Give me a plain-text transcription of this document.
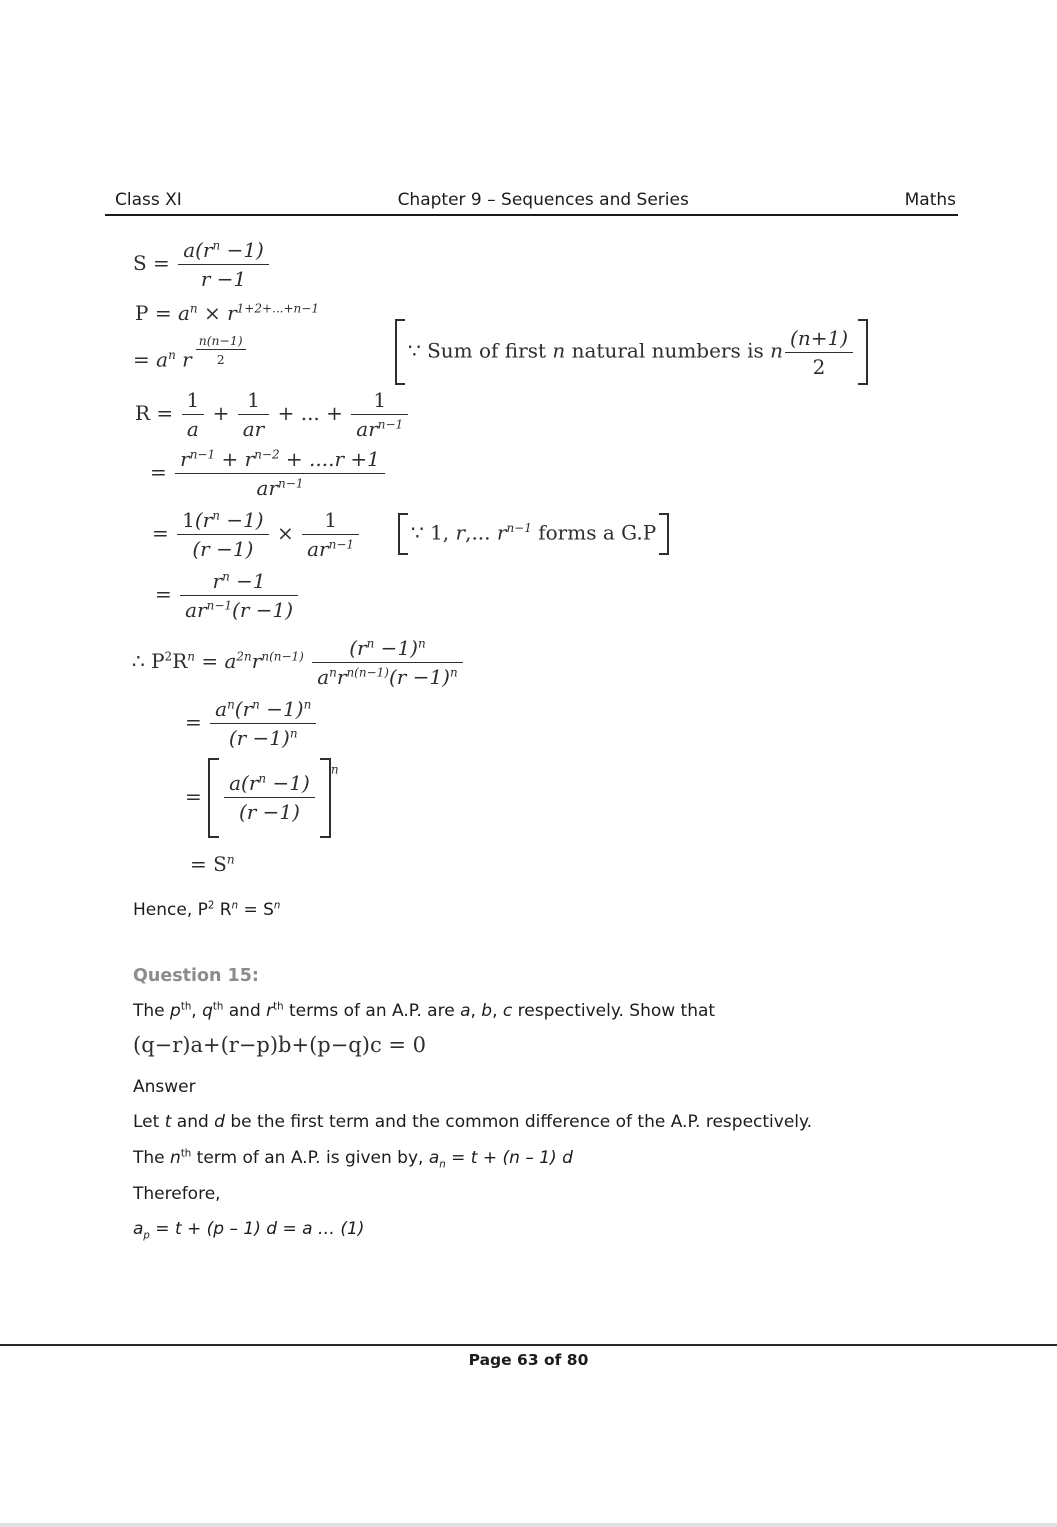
Class XI	Chapter 9 – Sequences and Series	Maths
$S = \frac{a(r^n -1)}{r -1}$
$P = a^n \times r^{1+2+...+n-1}$
= $a^n$ r $\frac{n(n-1)}{2}$	∵ Sum of first n natural numbers is n $\frac{(n+1)}{2}$
$R = \frac{1}{a} + \frac{1}{ar}$ + ... + $\frac{1}{ar^{n-1}}$
= $\frac{r^{n-1} + r^{n-2} + ....r +1}{ar^{n-1}}$
= $\frac{1(r^n -1)}{(r -1)} \times \frac{1}{ar^{n-1}}$	∵ 1, r,... $r^{n-1}$ forms a G.P
= $\frac{r^n -1}{ar^{n-1}(r -1)}$
∴ $P^2R^n = a^{2n}r^{n(n-1)} \frac{(r^n -1)^n}{a^nr^{n(n-1)}(r -1)^n}$
= $\frac{a^n(r^n -1)^n}{(r -1)^n}$
= $\frac{a(r^n -1)}{(r -1)}$
$^n$
= $S^n$

Hence, $P^2$ $R^n = S^n$

Question 15:

The $p^{th}$, $q^{th}$ and $r^{th}$ terms of an A.P. are a, b, c respectively. Show that

(q−r)a+(r−p)b+(p−q)c = 0

Answer

Let t and d be the first term and the common difference of the A.P. respectively.

The $n^{th}$ term of an A.P. is given by, $a_n = t + (n - 1)$ d

Therefore,

$a_p = t + (p - 1) d = a$ … (1)

Page 63 of 80
